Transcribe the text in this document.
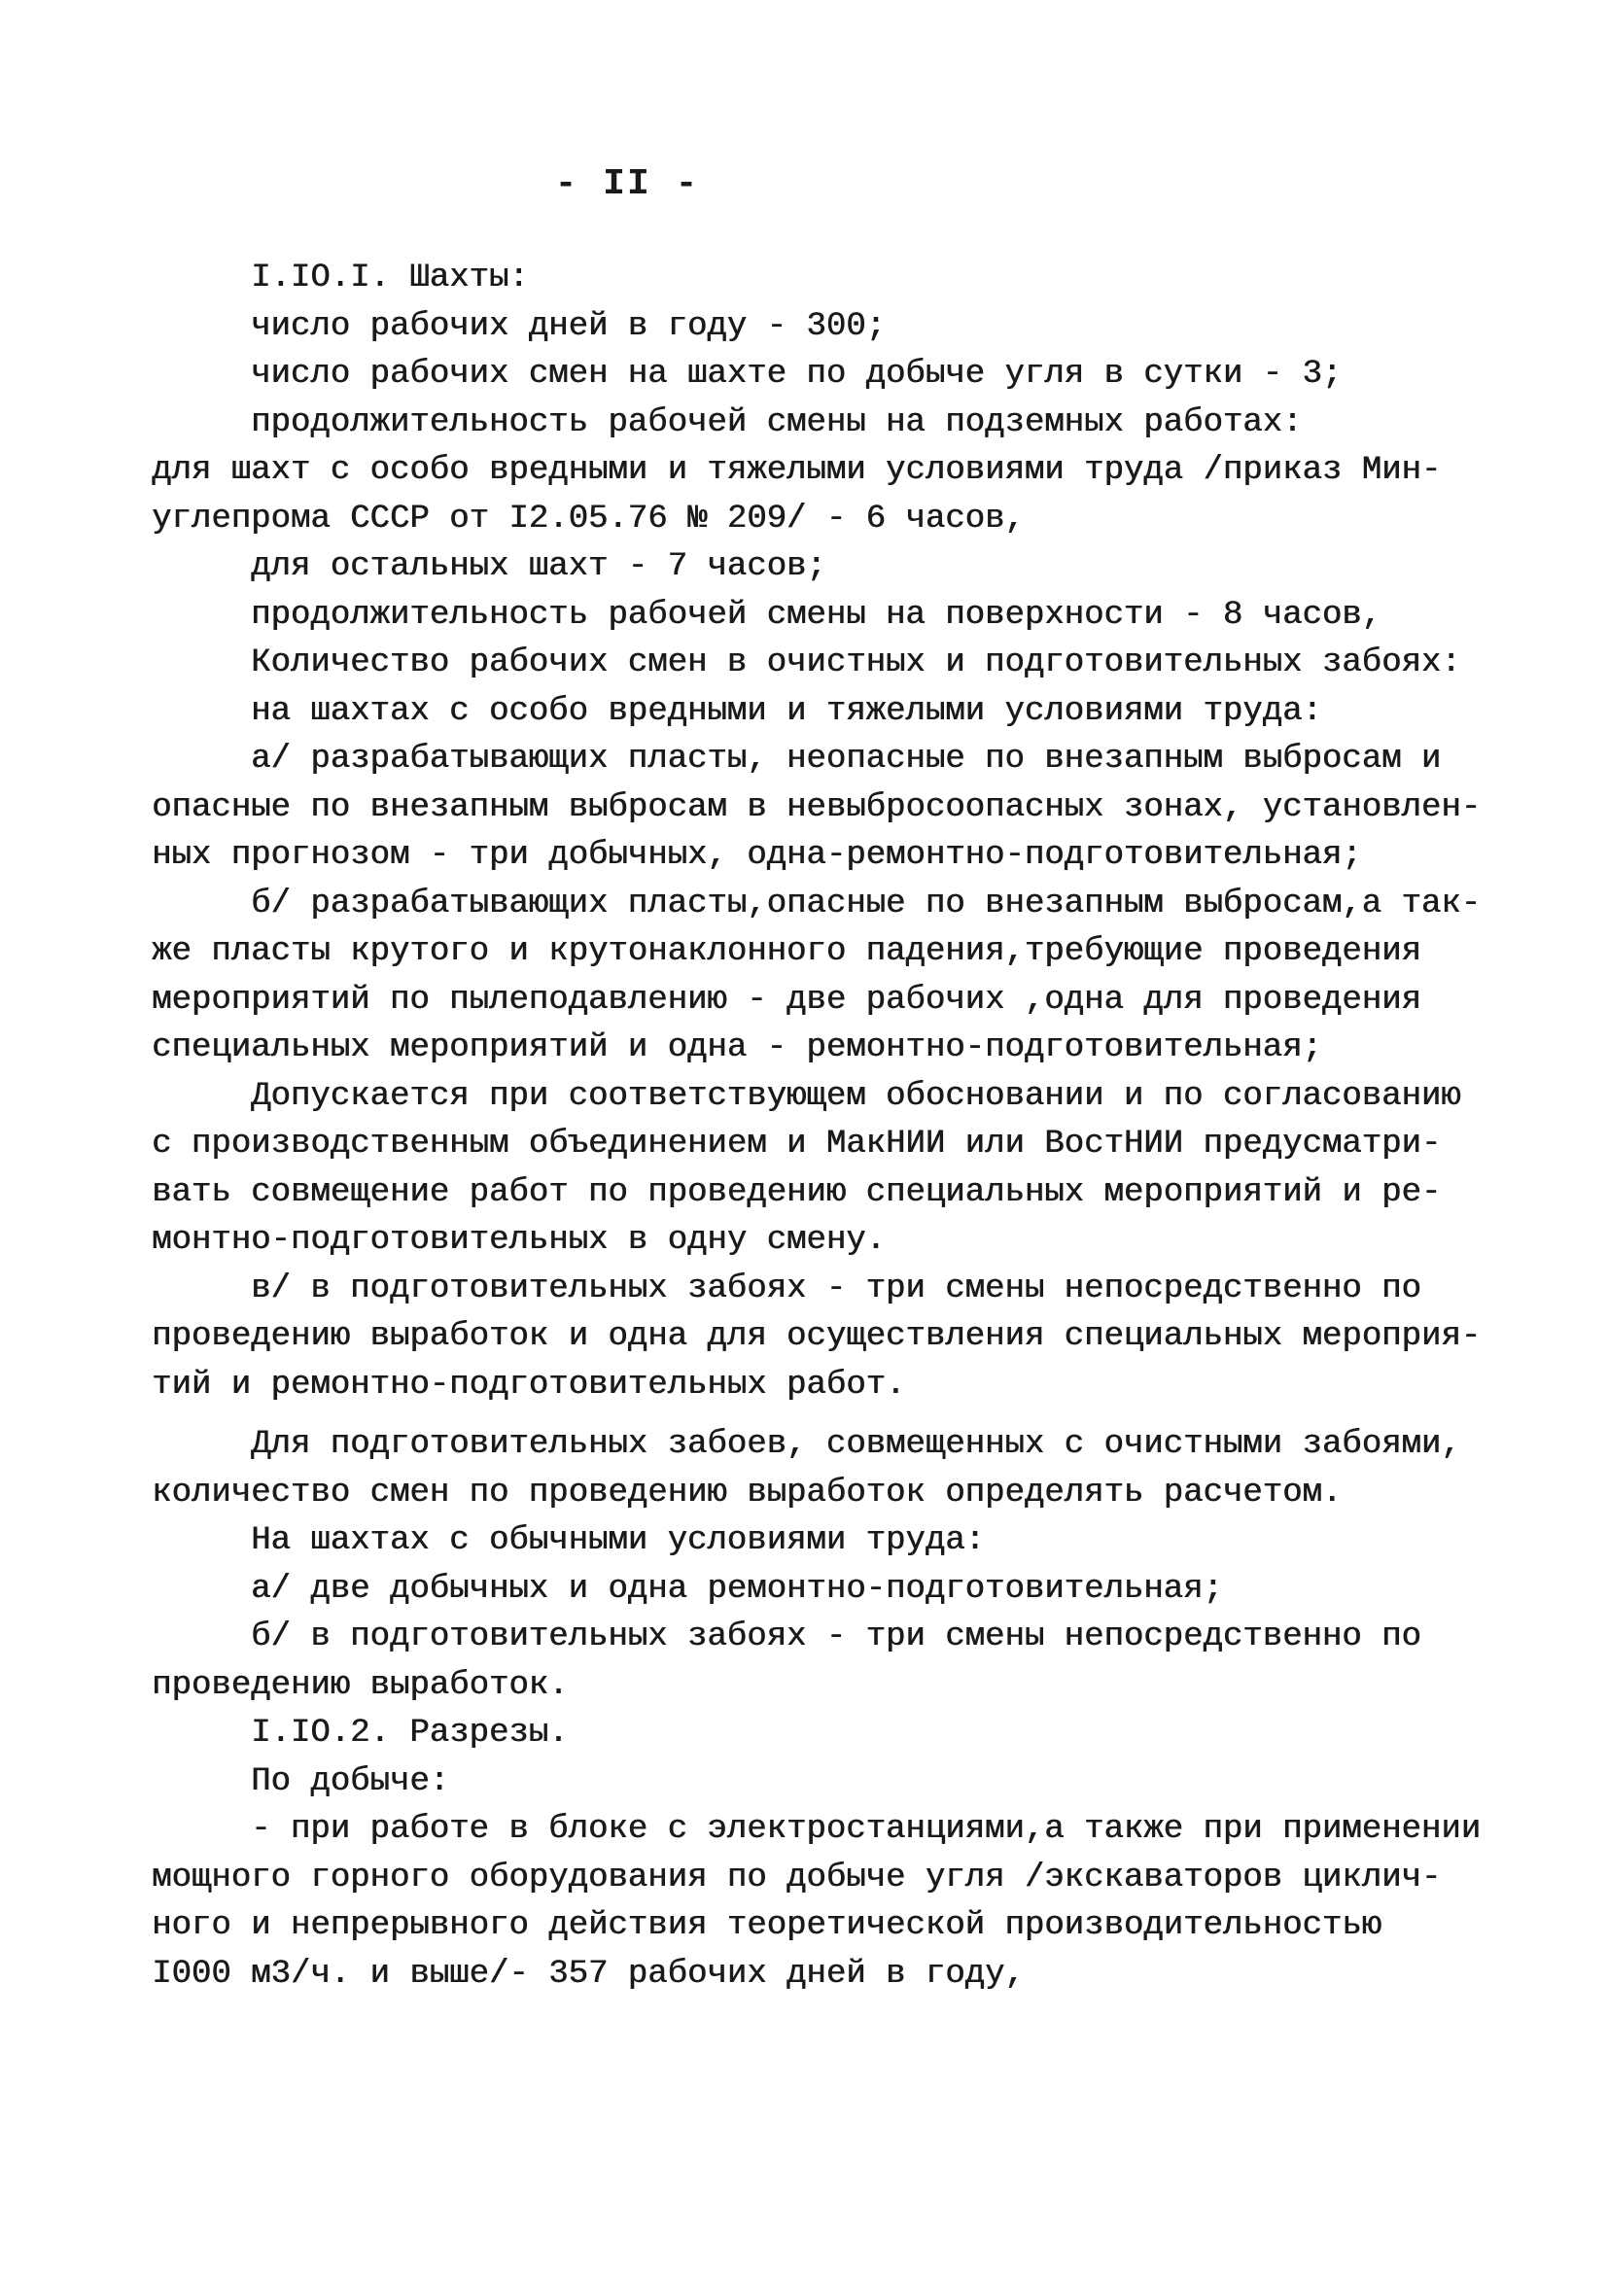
- II -
I.IO.I. Шахты:
число рабочих дней в году - 300;
число рабочих смен на шахте по добыче угля в сутки - 3;
продолжительность рабочей смены на подземных работах:
для шахт с особо вредными и тяжелыми условиями труда /приказ Мин-
углепрома СССР от I2.05.76 № 209/ - 6 часов,
для остальных шахт - 7 часов;
продолжительность рабочей смены на поверхности - 8 часов,
Количество рабочих смен в очистных и подготовительных забоях:
на шахтах с особо вредными и тяжелыми условиями труда:
а/ разрабатывающих пласты, неопасные по внезапным выбросам и
опасные по внезапным выбросам в невыбросоопасных зонах, установлен-
ных прогнозом - три добычных, одна-ремонтно-подготовительная;
б/ разрабатывающих пласты,опасные по внезапным выбросам,а так-
же пласты крутого и крутонаклонного падения,требующие проведения
мероприятий по пылеподавлению - две рабочих ,одна для проведения
специальных мероприятий и одна - ремонтно-подготовительная;
Допускается при соответствующем обосновании и по согласованию
с производственным объединением и МакНИИ или ВостНИИ предусматри-
вать совмещение работ по проведению специальных мероприятий и ре-
монтно-подготовительных в одну смену.
в/ в подготовительных забоях - три смены непосредственно по
проведению выработок и одна для осуществления специальных мероприя-
тий и ремонтно-подготовительных работ.
Для подготовительных забоев, совмещенных с очистными забоями,
количество смен по проведению выработок определять расчетом.
На шахтах с обычными условиями труда:
а/ две добычных и одна ремонтно-подготовительная;
б/ в подготовительных забоях - три смены непосредственно по
проведению выработок.
I.IO.2. Разрезы.
По добыче:
- при работе в блоке с электростанциями,а также при применении
мощного горного оборудования по добыче угля /экскаваторов циклич-
ного и непрерывного действия теоретической производительностью
I000 м3/ч. и выше/- 357 рабочих дней в году,
